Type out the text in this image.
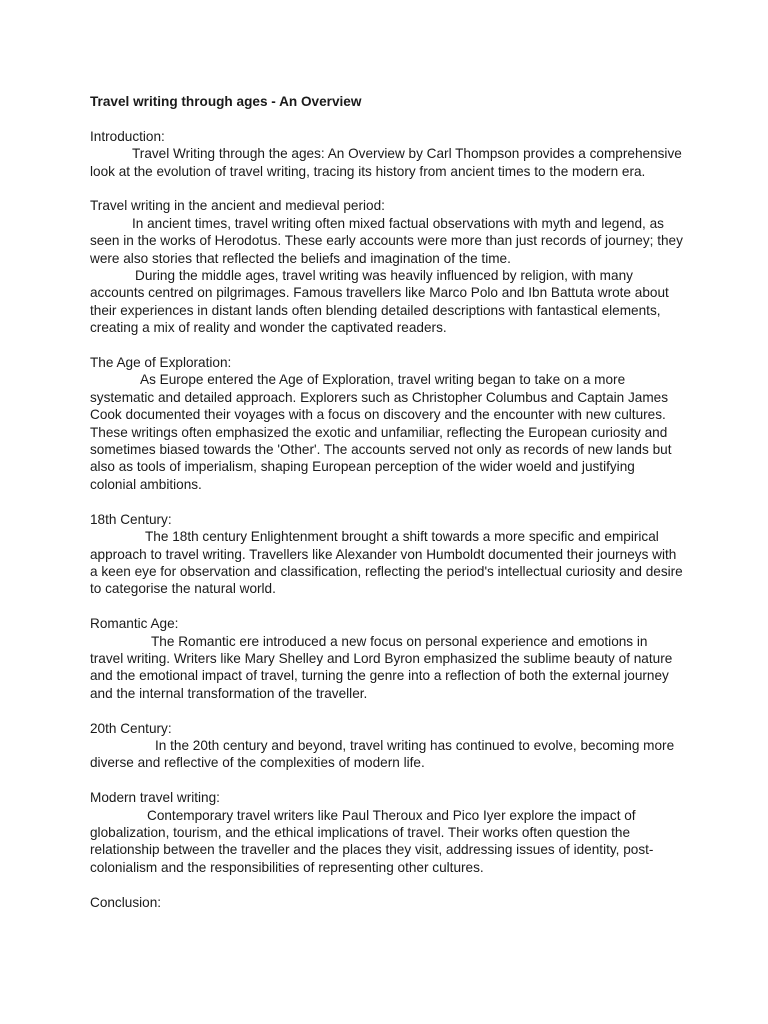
Travel writing through ages - An Overview
Introduction:

Travel Writing through the ages: An Overview by Carl Thompson provides a comprehensive look at the evolution of travel writing, tracing its history from ancient times to the modern era.

Travel writing in the ancient and medieval period:

In ancient times, travel writing often mixed factual observations with myth and legend, as seen in the works of Herodotus. These early accounts were more than just records of journey; they were also stories that reflected the beliefs and imagination of the time.

During the middle ages, travel writing was heavily influenced by religion, with many accounts centred on pilgrimages. Famous travellers like Marco Polo and Ibn Battuta wrote about their experiences in distant lands often blending detailed descriptions with fantastical elements, creating a mix of reality and wonder the captivated readers.

The Age of Exploration:

As Europe entered the Age of Exploration, travel writing began to take on a more systematic and detailed approach. Explorers such as Christopher Columbus and Captain James Cook documented their voyages with a focus on discovery and the encounter with new cultures. These writings often emphasized the exotic and unfamiliar, reflecting the European curiosity and sometimes biased towards the 'Other'. The accounts served not only as records of new lands but also as tools of imperialism, shaping European perception of the wider woeld and justifying colonial ambitions.

18th Century:

The 18th century Enlightenment brought a shift towards a more specific and empirical approach to travel writing. Travellers like Alexander von Humboldt documented their journeys with a keen eye for observation and classification, reflecting the period's intellectual curiosity and desire to categorise the natural world.

Romantic Age:

The Romantic ere introduced a new focus on personal experience and emotions in travel writing. Writers like Mary Shelley and Lord Byron emphasized the sublime beauty of nature and the emotional impact of travel, turning the genre into a reflection of both the external journey and the internal transformation of the traveller.

20th Century:

In the 20th century and beyond, travel writing has continued to evolve, becoming more diverse and reflective of the complexities of modern life.

Modern travel writing:

Contemporary travel writers like Paul Theroux and Pico Iyer explore the impact of globalization, tourism, and the ethical implications of travel. Their works often question the relationship between the traveller and the places they visit, addressing issues of identity, post-colonialism and the responsibilities of representing other cultures.

Conclusion:
